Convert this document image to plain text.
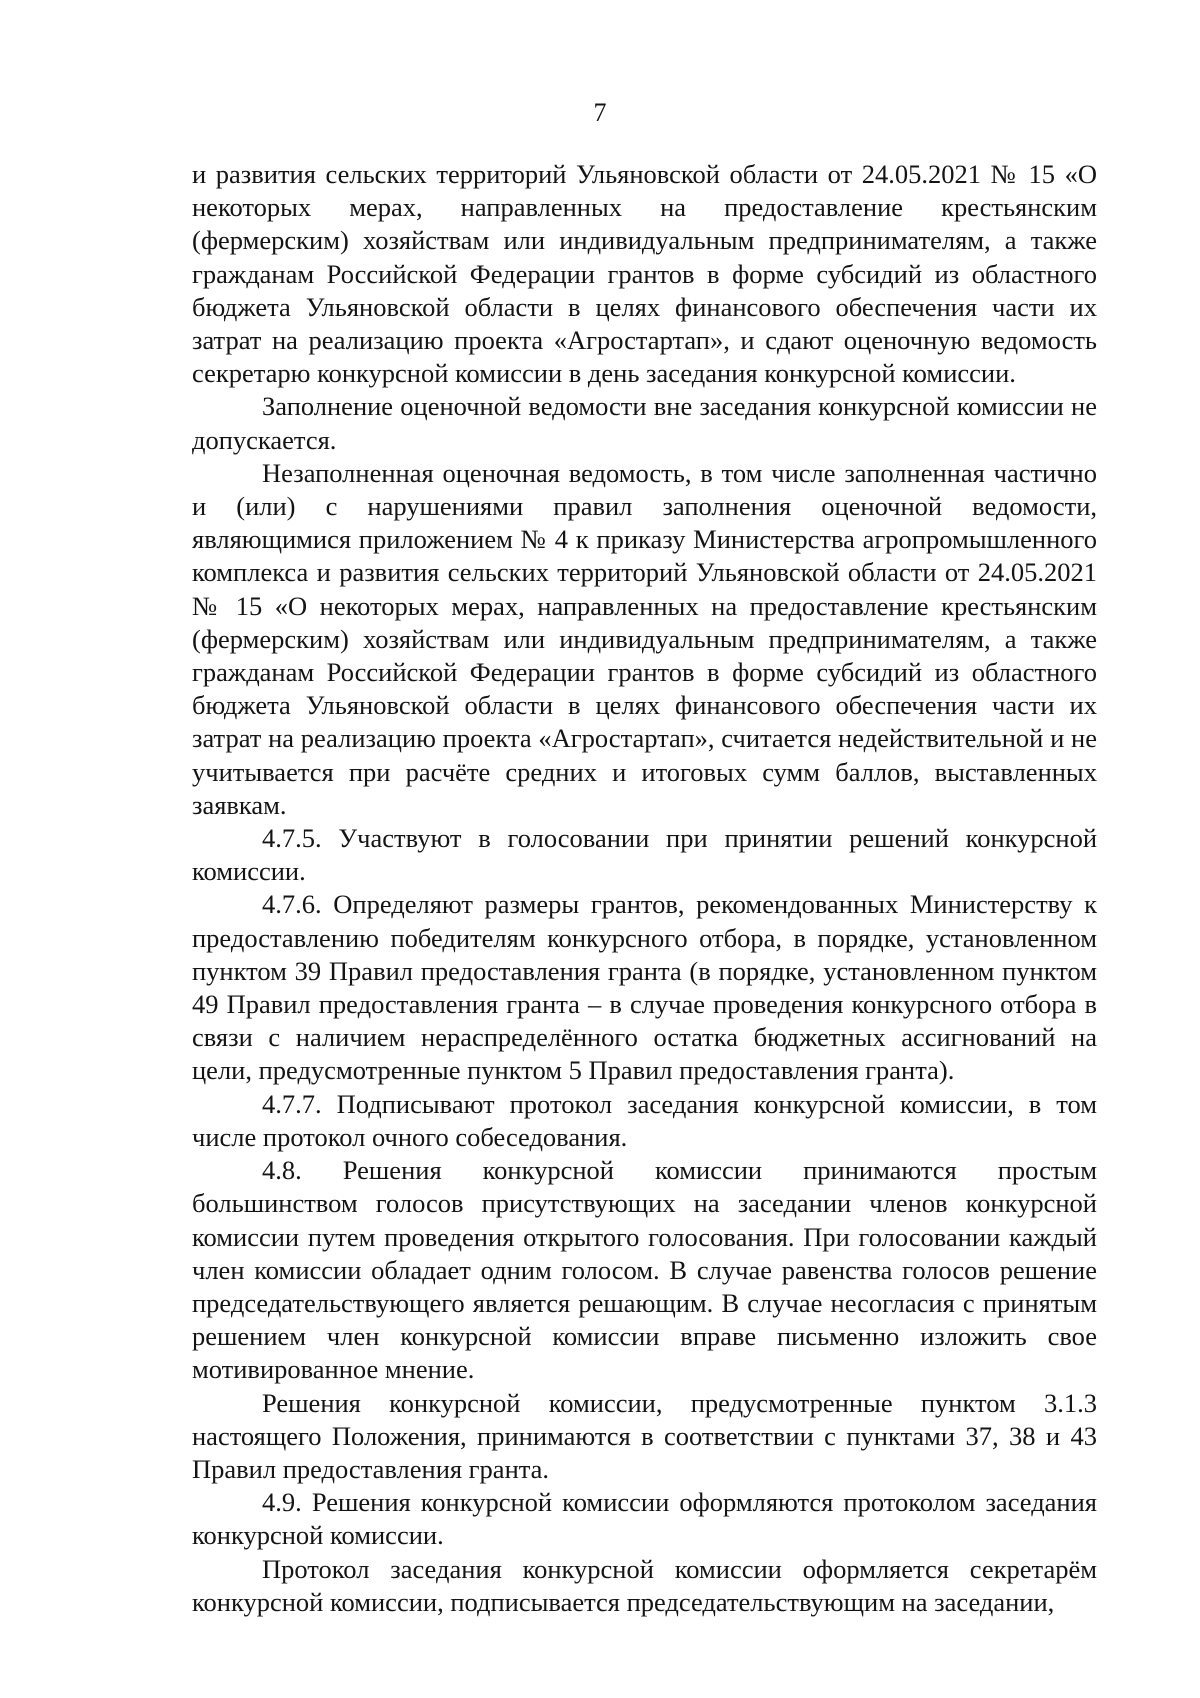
7

и развития сельских территорий Ульяновской области от 24.05.2021 № 15 «О некоторых мерах, направленных на предоставление крестьянским (фермерским) хозяйствам или индивидуальным предпринимателям, а также гражданам Российской Федерации грантов в форме субсидий из областного бюджета Ульяновской области в целях финансового обеспечения части их затрат на реализацию проекта «Агростартап», и сдают оценочную ведомость секретарю конкурсной комиссии в день заседания конкурсной комиссии.

Заполнение оценочной ведомости вне заседания конкурсной комиссии не допускается.

Незаполненная оценочная ведомость, в том числе заполненная частично и (или) с нарушениями правил заполнения оценочной ведомости, являющимися приложением № 4 к приказу Министерства агропромышленного комплекса и развития сельских территорий Ульяновской области от 24.05.2021 № 15 «О некоторых мерах, направленных на предоставление крестьянским (фермерским) хозяйствам или индивидуальным предпринимателям, а также гражданам Российской Федерации грантов в форме субсидий из областного бюджета Ульяновской области в целях финансового обеспечения части их затрат на реализацию проекта «Агростартап», считается недействительной и не учитывается при расчёте средних и итоговых сумм баллов, выставленных заявкам.

4.7.5. Участвуют в голосовании при принятии решений конкурсной комиссии.

4.7.6. Определяют размеры грантов, рекомендованных Министерству к предоставлению победителям конкурсного отбора, в порядке, установленном пунктом 39 Правил предоставления гранта (в порядке, установленном пунктом 49 Правил предоставления гранта – в случае проведения конкурсного отбора в связи с наличием нераспределённого остатка бюджетных ассигнований на цели, предусмотренные пунктом 5 Правил предоставления гранта).

4.7.7. Подписывают протокол заседания конкурсной комиссии, в том числе протокол очного собеседования.

4.8. Решения конкурсной комиссии принимаются простым большинством голосов присутствующих на заседании членов конкурсной комиссии путем проведения открытого голосования. При голосовании каждый член комиссии обладает одним голосом. В случае равенства голосов решение председательствующего является решающим. В случае несогласия с принятым решением член конкурсной комиссии вправе письменно изложить свое мотивированное мнение.

Решения конкурсной комиссии, предусмотренные пунктом 3.1.3 настоящего Положения, принимаются в соответствии с пунктами 37, 38 и 43 Правил предоставления гранта.

4.9. Решения конкурсной комиссии оформляются протоколом заседания конкурсной комиссии.

Протокол заседания конкурсной комиссии оформляется секретарём конкурсной комиссии, подписывается председательствующим на заседании,
